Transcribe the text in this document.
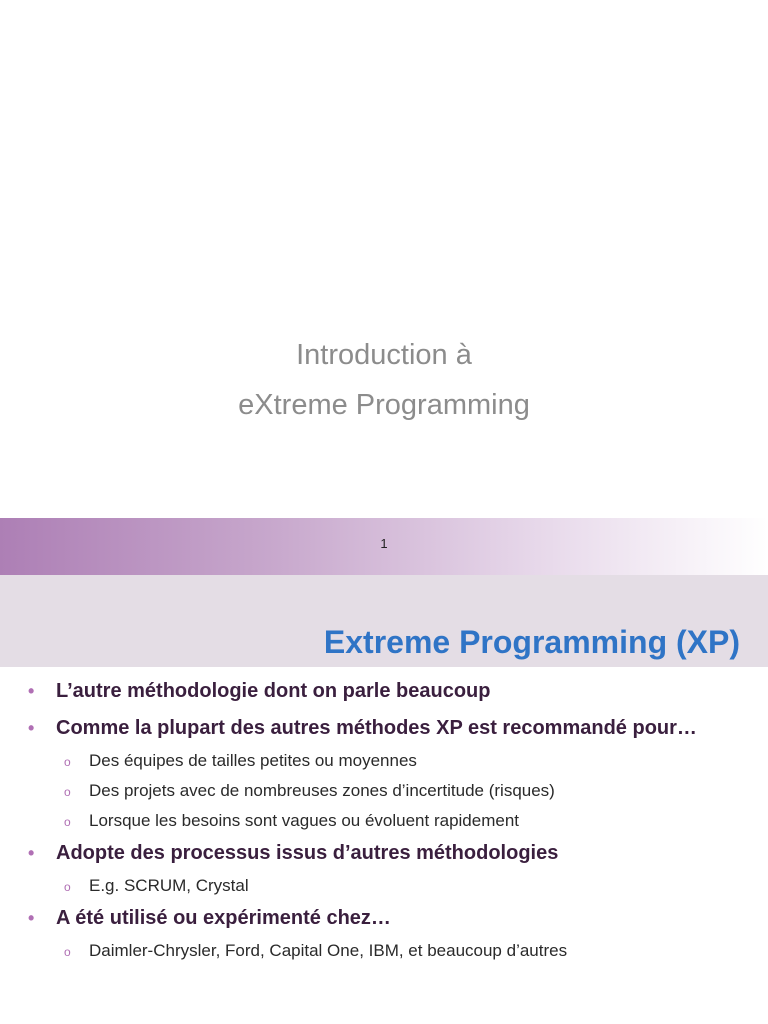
Introduction à
eXtreme Programming
1
Extreme Programming (XP)
• L’autre méthodologie dont on parle beaucoup
• Comme la plupart des autres méthodes XP est recommandé pour…
o Des équipes de tailles petites ou moyennes
o Des projets avec de nombreuses zones d’incertitude (risques)
o Lorsque les besoins sont vagues ou évoluent rapidement
• Adopte des processus issus d’autres méthodologies
o E.g. SCRUM, Crystal
• A été utilisé ou expérimenté chez…
o Daimler-Chrysler, Ford, Capital One, IBM, et beaucoup d’autres
